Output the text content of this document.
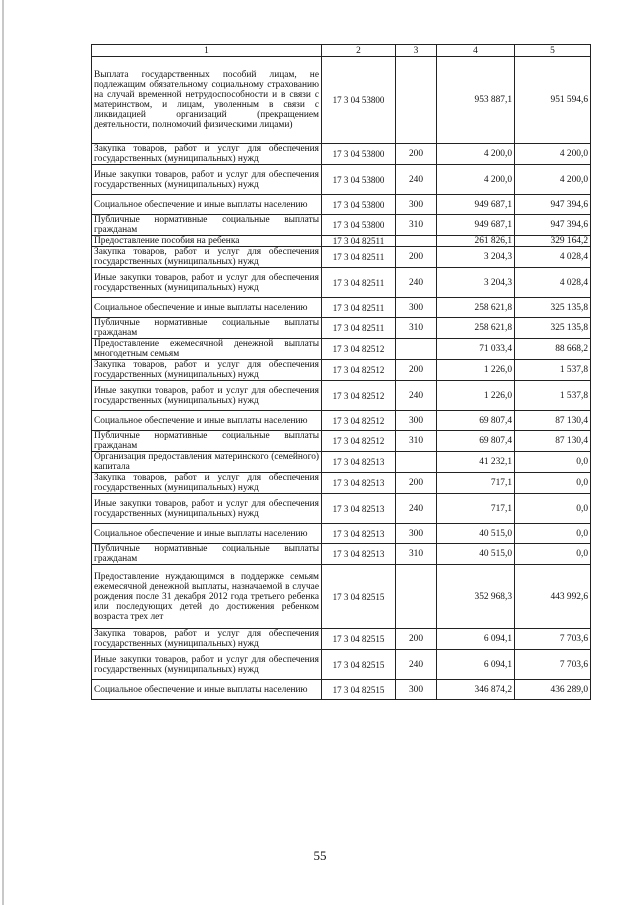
1	2	3	4	5
Выплата государственных пособий лицам, не подлежащим обязательному социальному страхованию на случай временной нетрудоспособности и в связи с материнством, и лицам, уволенным в связи с ликвидацией организаций (прекращением деятельности, полномочий физическими лицами)	17 3 04 53800		953 887,1	951 594,6
Закупка товаров, работ и услуг для обеспечения государственных (муниципальных) нужд	17 3 04 53800	200	4 200,0	4 200,0
Иные закупки товаров, работ и услуг для обеспечения государственных (муниципальных) нужд	17 3 04 53800	240	4 200,0	4 200,0
Социальное обеспечение и иные выплаты населению	17 3 04 53800	300	949 687,1	947 394,6
Публичные нормативные социальные выплаты гражданам	17 3 04 53800	310	949 687,1	947 394,6
Предоставление пособия на ребенка	17 3 04 82511		261 826,1	329 164,2
Закупка товаров, работ и услуг для обеспечения государственных (муниципальных) нужд	17 3 04 82511	200	3 204,3	4 028,4
Иные закупки товаров, работ и услуг для обеспечения государственных (муниципальных) нужд	17 3 04 82511	240	3 204,3	4 028,4
Социальное обеспечение и иные выплаты населению	17 3 04 82511	300	258 621,8	325 135,8
Публичные нормативные социальные выплаты гражданам	17 3 04 82511	310	258 621,8	325 135,8
Предоставление ежемесячной денежной выплаты многодетным семьям	17 3 04 82512		71 033,4	88 668,2
Закупка товаров, работ и услуг для обеспечения государственных (муниципальных) нужд	17 3 04 82512	200	1 226,0	1 537,8
Иные закупки товаров, работ и услуг для обеспечения государственных (муниципальных) нужд	17 3 04 82512	240	1 226,0	1 537,8
Социальное обеспечение и иные выплаты населению	17 3 04 82512	300	69 807,4	87 130,4
Публичные нормативные социальные выплаты гражданам	17 3 04 82512	310	69 807,4	87 130,4
Организация предоставления материнского (семейного) капитала	17 3 04 82513		41 232,1	0,0
Закупка товаров, работ и услуг для обеспечения государственных (муниципальных) нужд	17 3 04 82513	200	717,1	0,0
Иные закупки товаров, работ и услуг для обеспечения государственных (муниципальных) нужд	17 3 04 82513	240	717,1	0,0
Социальное обеспечение и иные выплаты населению	17 3 04 82513	300	40 515,0	0,0
Публичные нормативные социальные выплаты гражданам	17 3 04 82513	310	40 515,0	0,0
Предоставление нуждающимся в поддержке семьям ежемесячной денежной выплаты, назначаемой в случае рождения после 31 декабря 2012 года третьего ребенка или последующих детей до достижения ребенком возраста трех лет	17 3 04 82515		352 968,3	443 992,6
Закупка товаров, работ и услуг для обеспечения государственных (муниципальных) нужд	17 3 04 82515	200	6 094,1	7 703,6
Иные закупки товаров, работ и услуг для обеспечения государственных (муниципальных) нужд	17 3 04 82515	240	6 094,1	7 703,6
Социальное обеспечение и иные выплаты населению	17 3 04 82515	300	346 874,2	436 289,0
55
